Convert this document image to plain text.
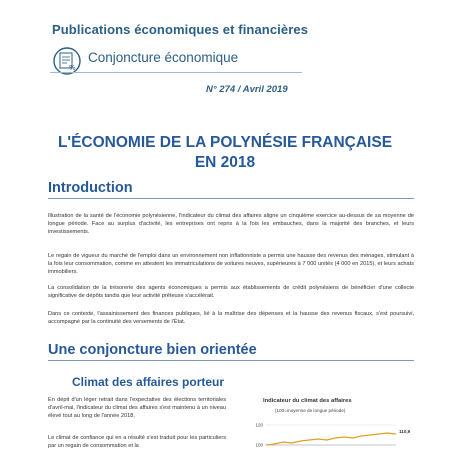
Publications économiques et financières
%
Conjoncture économique
N° 274 / Avril 2019
L'ÉCONOMIE DE LA POLYNÉSIE FRANÇAISE
EN 2018
Introduction
Illustration de la santé de l'économie polynésienne, l'indicateur du climat des affaires aligne un cinquième exercice au-dessus de sa moyenne de longue période. Face au surplus d'activité, les entreprises ont repris à la fois les embauches, dans la majorité des branches, et leurs investissements.
Le regain de vigueur du marché de l'emploi dans un environnement non inflationniste a permis une hausse des revenus des ménages, stimulant à la fois leur consommation, comme en attestent les immatriculations de voitures neuves, supérieures à 7 000 unités (4 000 en 2015), et leurs achats immobiliers.
La consolidation de la trésorerie des agents économiques a permis aux établissements de crédit polynésiens de bénéficier d'une collecte significative de dépôts tandis que leur activité prêteuse s'accélérait.
Dans ce contexte, l'assainissement des finances publiques, lié à la maîtrise des dépenses et la hausse des revenus fiscaux, s'est poursuivi, accompagné par la continuité des versements de l'État.
Une conjoncture bien orientée
Climat des affaires porteur
En dépit d'un léger retrait dans l'expectative des élections territoriales d'avril-mai, l'indicateur du climat des affaires s'est maintenu à un niveau élevé tout au long de l'année 2018.
Le climat de confiance qui en a résulté s'est traduit pour les particuliers par un regain de consommation et la
Indicateur du climat des affaires
(100=moyenne de longue période)
120
100
110,9
